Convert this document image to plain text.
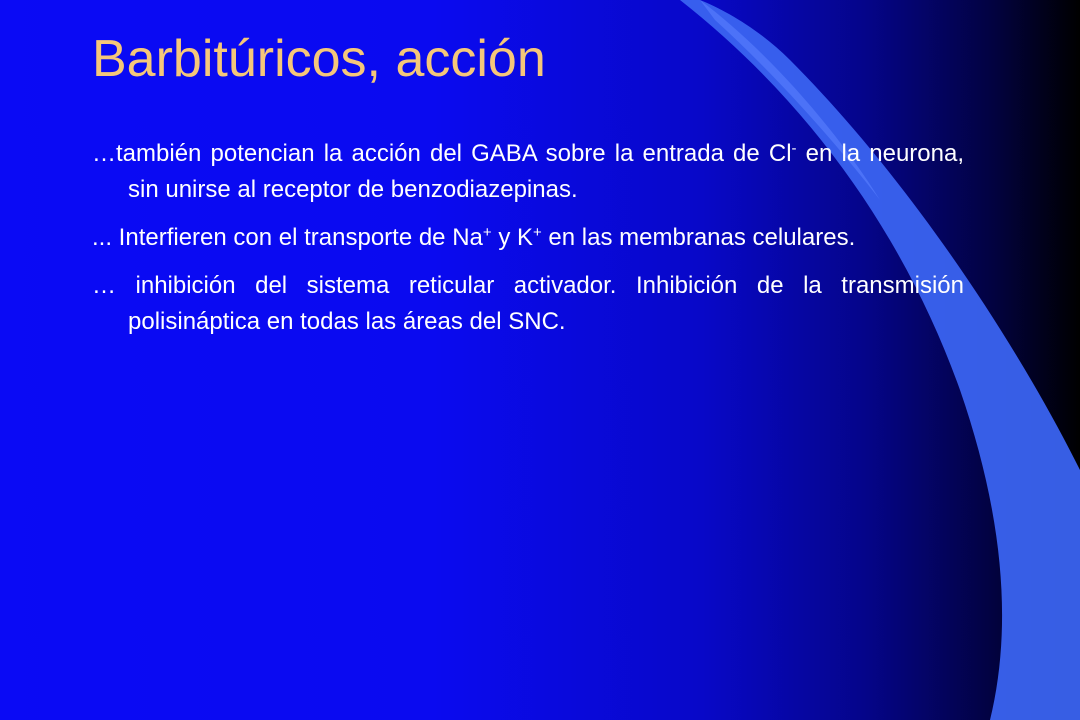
Barbitúricos, acción

…también potencian la acción del GABA sobre la entrada de Cl- en la neurona, sin unirse al receptor de benzodiazepinas.

... Interfieren con el transporte de Na+ y K+ en las membranas celulares.

… inhibición del sistema reticular activador. Inhibición de la transmisión polisináptica en todas las áreas del SNC.
